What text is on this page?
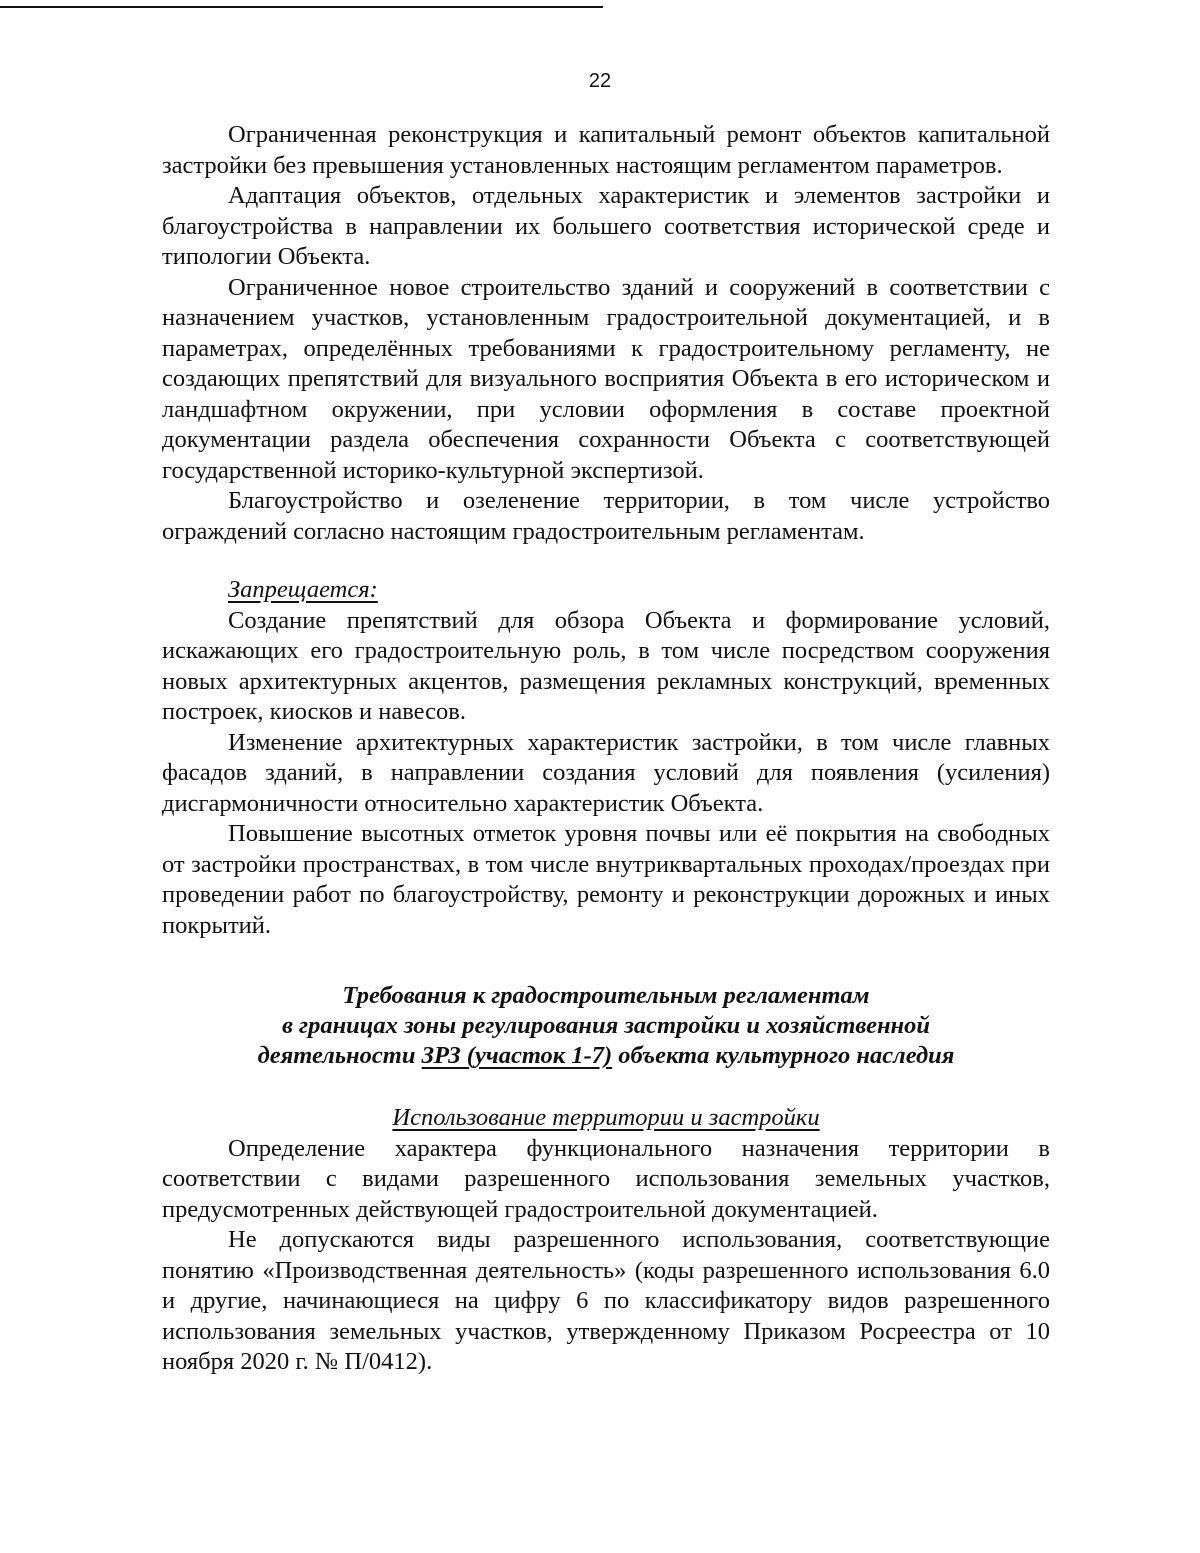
22

Ограниченная реконструкция и капитальный ремонт объектов капитальной застройки без превышения установленных настоящим регламентом параметров.

Адаптация объектов, отдельных характеристик и элементов застройки и благоустройства в направлении их большего соответствия исторической среде и типологии Объекта.

Ограниченное новое строительство зданий и сооружений в соответствии с назначением участков, установленным градостроительной документацией, и в параметрах, определённых требованиями к градостроительному регламенту, не создающих препятствий для визуального восприятия Объекта в его историческом и ландшафтном окружении, при условии оформления в составе проектной документации раздела обеспечения сохранности Объекта с соответствующей государственной историко-культурной экспертизой.

Благоустройство и озеленение территории, в том числе устройство ограждений согласно настоящим градостроительным регламентам.

Запрещается:

Создание препятствий для обзора Объекта и формирование условий, искажающих его градостроительную роль, в том числе посредством сооружения новых архитектурных акцентов, размещения рекламных конструкций, временных построек, киосков и навесов.

Изменение архитектурных характеристик застройки, в том числе главных фасадов зданий, в направлении создания условий для появления (усиления) дисгармоничности относительно характеристик Объекта.

Повышение высотных отметок уровня почвы или её покрытия на свободных от застройки пространствах, в том числе внутриквартальных проходах/проездах при проведении работ по благоустройству, ремонту и реконструкции дорожных и иных покрытий.

Требования к градостроительным регламентам

в границах зоны регулирования застройки и хозяйственной

деятельности ЗРЗ (участок 1-7) объекта культурного наследия

Использование территории и застройки

Определение характера функционального назначения территории в соответствии с видами разрешенного использования земельных участков, предусмотренных действующей градостроительной документацией.

Не допускаются виды разрешенного использования, соответствующие понятию «Производственная деятельность» (коды разрешенного использования 6.0 и другие, начинающиеся на цифру 6 по классификатору видов разрешенного использования земельных участков, утвержденному Приказом Росреестра от 10 ноября 2020 г. № П/0412).
